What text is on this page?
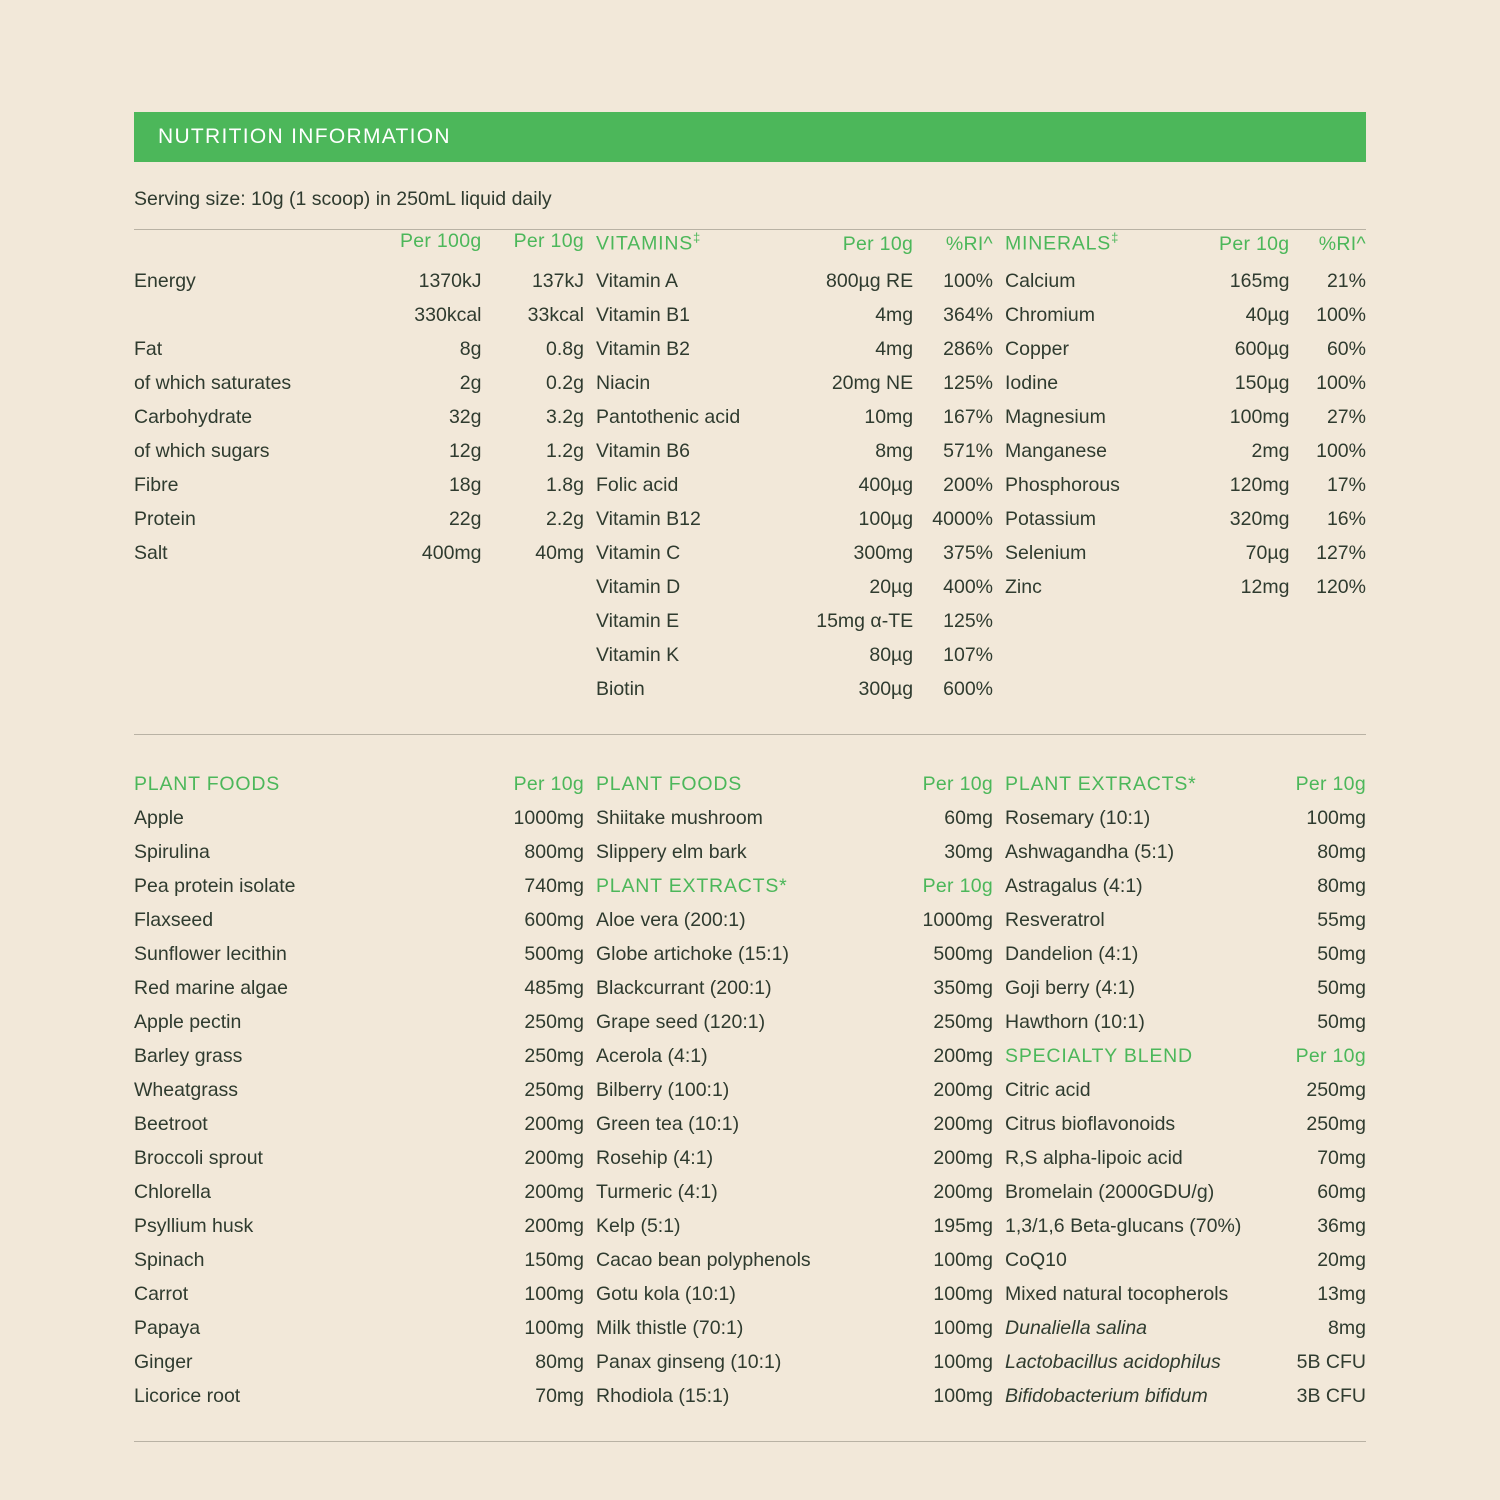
NUTRITION INFORMATION
Serving size: 10g (1 scoop) in 250mL liquid daily
	Per 100g	Per 10g
Energy	1370kJ	137kJ
	330kcal	33kcal
Fat	8g	0.8g
of which saturates	2g	0.2g
Carbohydrate	32g	3.2g
of which sugars	12g	1.2g
Fibre	18g	1.8g
Protein	22g	2.2g
Salt	400mg	40mg
VITAMINS‡	Per 10g	%RI^
Vitamin A	800µg RE	100%
Vitamin B1	4mg	364%
Vitamin B2	4mg	286%
Niacin	20mg NE	125%
Pantothenic acid	10mg	167%
Vitamin B6	8mg	571%
Folic acid	400µg	200%
Vitamin B12	100µg	4000%
Vitamin C	300mg	375%
Vitamin D	20µg	400%
Vitamin E	15mg α-TE	125%
Vitamin K	80µg	107%
Biotin	300µg	600%
MINERALS‡	Per 10g	%RI^
Calcium	165mg	21%
Chromium	40µg	100%
Copper	600µg	60%
Iodine	150µg	100%
Magnesium	100mg	27%
Manganese	2mg	100%
Phosphorous	120mg	17%
Potassium	320mg	16%
Selenium	70µg	127%
Zinc	12mg	120%
PLANT FOODS	Per 10g
Apple	1000mg
Spirulina	800mg
Pea protein isolate	740mg
Flaxseed	600mg
Sunflower lecithin	500mg
Red marine algae	485mg
Apple pectin	250mg
Barley grass	250mg
Wheatgrass	250mg
Beetroot	200mg
Broccoli sprout	200mg
Chlorella	200mg
Psyllium husk	200mg
Spinach	150mg
Carrot	100mg
Papaya	100mg
Ginger	80mg
Licorice root	70mg
PLANT FOODS	Per 10g
Shiitake mushroom	60mg
Slippery elm bark	30mg
PLANT EXTRACTS*	Per 10g
Aloe vera (200:1)	1000mg
Globe artichoke (15:1)	500mg
Blackcurrant (200:1)	350mg
Grape seed (120:1)	250mg
Acerola (4:1)	200mg
Bilberry (100:1)	200mg
Green tea (10:1)	200mg
Rosehip (4:1)	200mg
Turmeric (4:1)	200mg
Kelp (5:1)	195mg
Cacao bean polyphenols	100mg
Gotu kola (10:1)	100mg
Milk thistle (70:1)	100mg
Panax ginseng (10:1)	100mg
Rhodiola (15:1)	100mg
PLANT EXTRACTS*	Per 10g
Rosemary (10:1)	100mg
Ashwagandha (5:1)	80mg
Astragalus (4:1)	80mg
Resveratrol	55mg
Dandelion (4:1)	50mg
Goji berry (4:1)	50mg
Hawthorn (10:1)	50mg
SPECIALTY BLEND	Per 10g
Citric acid	250mg
Citrus bioflavonoids	250mg
R,S alpha-lipoic acid	70mg
Bromelain (2000GDU/g)	60mg
1,3/1,6 Beta-glucans (70%)	36mg
CoQ10	20mg
Mixed natural tocopherols	13mg
Dunaliella salina	8mg
Lactobacillus acidophilus	5B CFU
Bifidobacterium bifidum	3B CFU
